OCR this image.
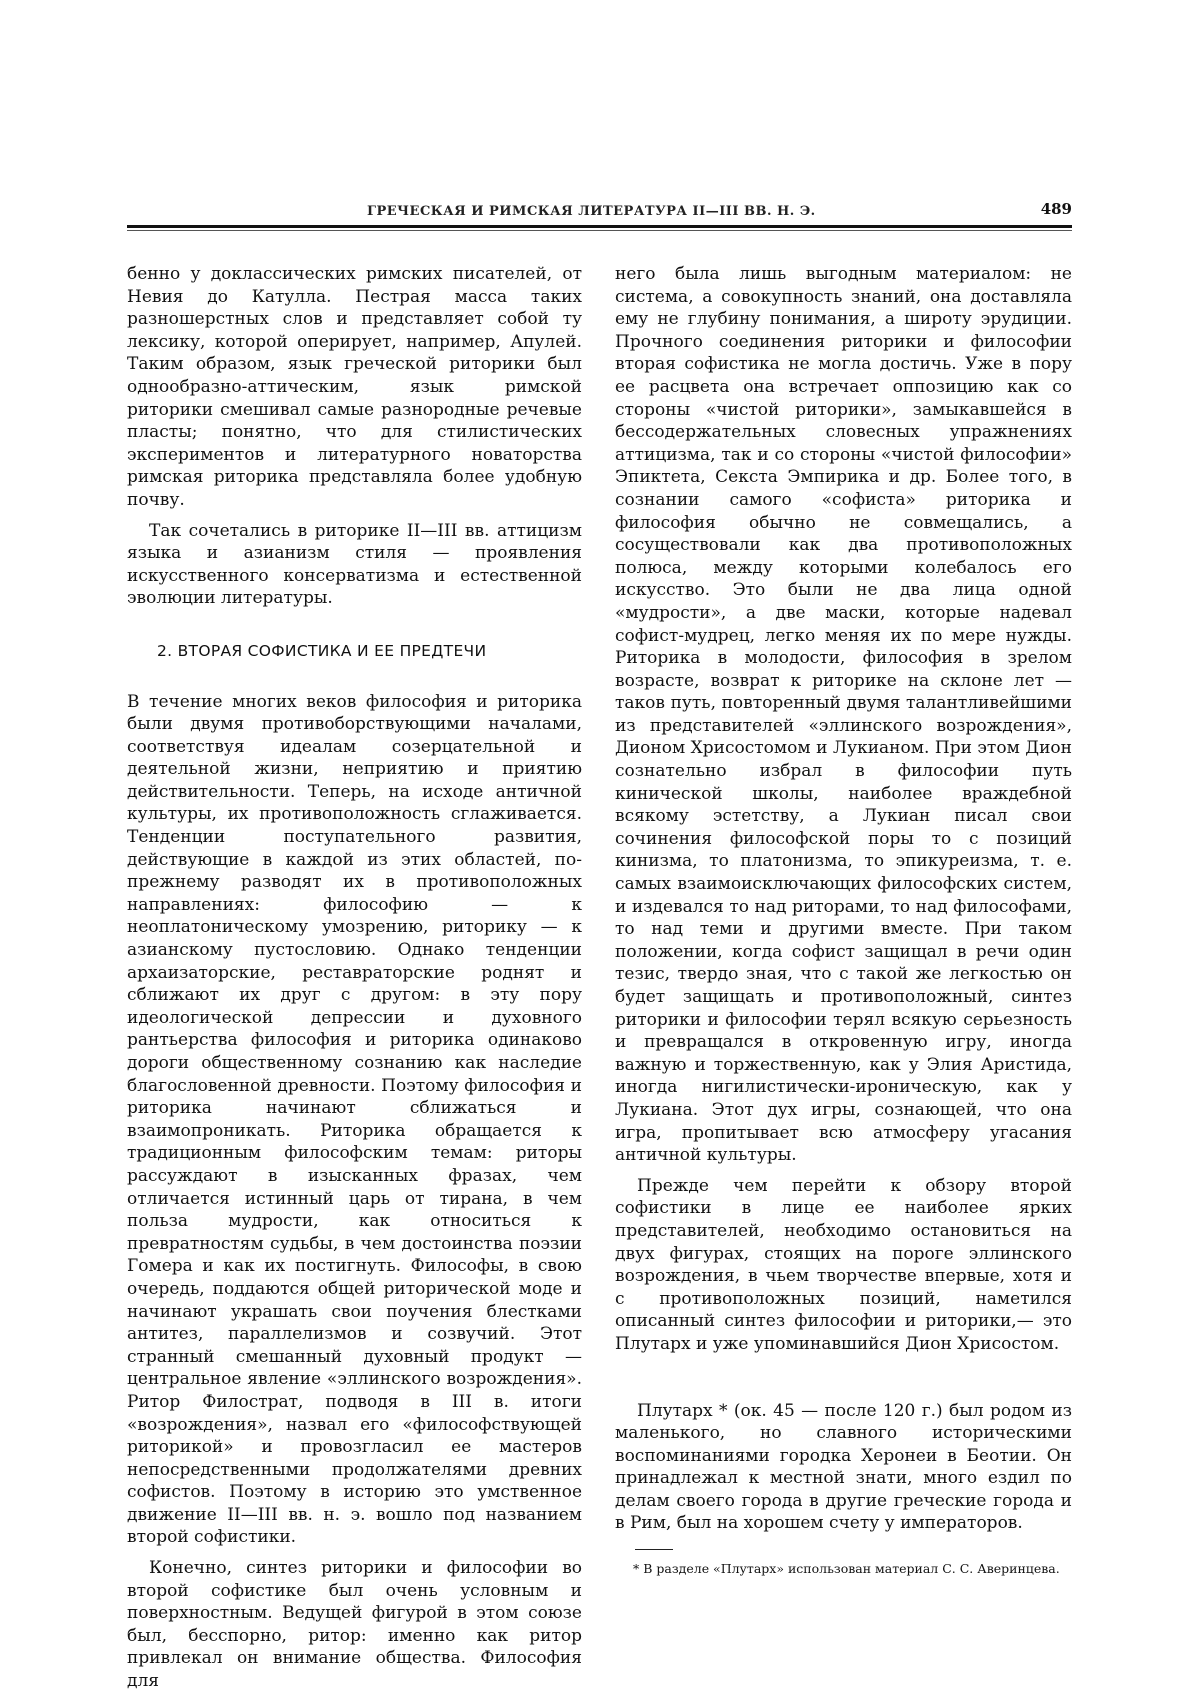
ГРЕЧЕСКАЯ И РИМСКАЯ ЛИТЕРАТУРА II—III ВВ. Н. Э.	489

бенно у доклассических римских писателей, от Невия до Катулла. Пестрая масса таких разношерстных слов и представляет собой ту лексику, которой оперирует, например, Апулей. Таким образом, язык греческой риторики был однообразно-аттическим, язык римской риторики смешивал самые разнородные речевые пласты; понятно, что для стилистических экспериментов и литературного новаторства римская риторика представляла более удобную почву.

Так сочетались в риторике II—III вв. аттицизм языка и азианизм стиля — проявления искусственного консерватизма и естественной эволюции литературы.

2. ВТОРАЯ СОФИСТИКА И ЕЕ ПРЕДТЕЧИ

В течение многих веков философия и риторика были двумя противоборствующими началами, соответствуя идеалам созерцательной и деятельной жизни, неприятию и приятию действительности. Теперь, на исходе античной культуры, их противоположность сглаживается. Тенденции поступательного развития, действующие в каждой из этих областей, по-прежнему разводят их в противоположных направлениях: философию — к неоплатоническому умозрению, риторику — к азианскому пустословию. Однако тенденции архаизаторские, реставраторские роднят и сближают их друг с другом: в эту пору идеологической депрессии и духовного рантьерства философия и риторика одинаково дороги общественному сознанию как наследие благословенной древности. Поэтому философия и риторика начинают сближаться и взаимопроникать. Риторика обращается к традиционным философским темам: риторы рассуждают в изысканных фразах, чем отличается истинный царь от тирана, в чем польза мудрости, как относиться к превратностям судьбы, в чем достоинства поэзии Гомера и как их постигнуть. Философы, в свою очередь, поддаются общей риторической моде и начинают украшать свои поучения блестками антитез, параллелизмов и созвучий. Этот странный смешанный духовный продукт — центральное явление «эллинского возрождения». Ритор Филострат, подводя в III в. итоги «возрождения», назвал его «философствующей риторикой» и провозгласил ее мастеров непосредственными продолжателями древних софистов. Поэтому в историю это умственное движение II—III вв. н. э. вошло под названием второй софистики.

Конечно, синтез риторики и философии во второй софистике был очень условным и поверхностным. Ведущей фигурой в этом союзе был, бесспорно, ритор: именно как ритор привлекал он внимание общества. Философия для

него была лишь выгодным материалом: не система, а совокупность знаний, она доставляла ему не глубину понимания, а широту эрудиции. Прочного соединения риторики и философии вторая софистика не могла достичь. Уже в пору ее расцвета она встречает оппозицию как со стороны «чистой риторики», замыкавшейся в бессодержательных словесных упражнениях аттицизма, так и со стороны «чистой философии» Эпиктета, Секста Эмпирика и др. Более того, в сознании самого «софиста» риторика и философия обычно не совмещались, а сосуществовали как два противоположных полюса, между которыми колебалось его искусство. Это были не два лица одной «мудрости», а две маски, которые надевал софист-мудрец, легко меняя их по мере нужды. Риторика в молодости, философия в зрелом возрасте, возврат к риторике на склоне лет — таков путь, повторенный двумя талантливейшими из представителей «эллинского возрождения», Дионом Хрисостомом и Лукианом. При этом Дион сознательно избрал в философии путь кинической школы, наиболее враждебной всякому эстетству, а Лукиан писал свои сочинения философской поры то с позиций кинизма, то платонизма, то эпикуреизма, т. е. самых взаимоисключающих философских систем, и издевался то над риторами, то над философами, то над теми и другими вместе. При таком положении, когда софист защищал в речи один тезис, твердо зная, что с такой же легкостью он будет защищать и противоположный, синтез риторики и философии терял всякую серьезность и превращался в откровенную игру, иногда важную и торжественную, как у Элия Аристида, иногда нигилистически-ироническую, как у Лукиана. Этот дух игры, сознающей, что она игра, пропитывает всю атмосферу угасания античной культуры.

Прежде чем перейти к обзору второй софистики в лице ее наиболее ярких представителей, необходимо остановиться на двух фигурах, стоящих на пороге эллинского возрождения, в чьем творчестве впервые, хотя и с противоположных позиций, наметился описанный синтез философии и риторики,— это Плутарх и уже упоминавшийся Дион Хрисостом.

Плутарх * (ок. 45 — после 120 г.) был родом из маленького, но славного историческими воспоминаниями городка Херонеи в Беотии. Он принадлежал к местной знати, много ездил по делам своего города в другие греческие города и в Рим, был на хорошем счету у императоров.

* В разделе «Плутарх» использован материал С. С. Аверинцева.
